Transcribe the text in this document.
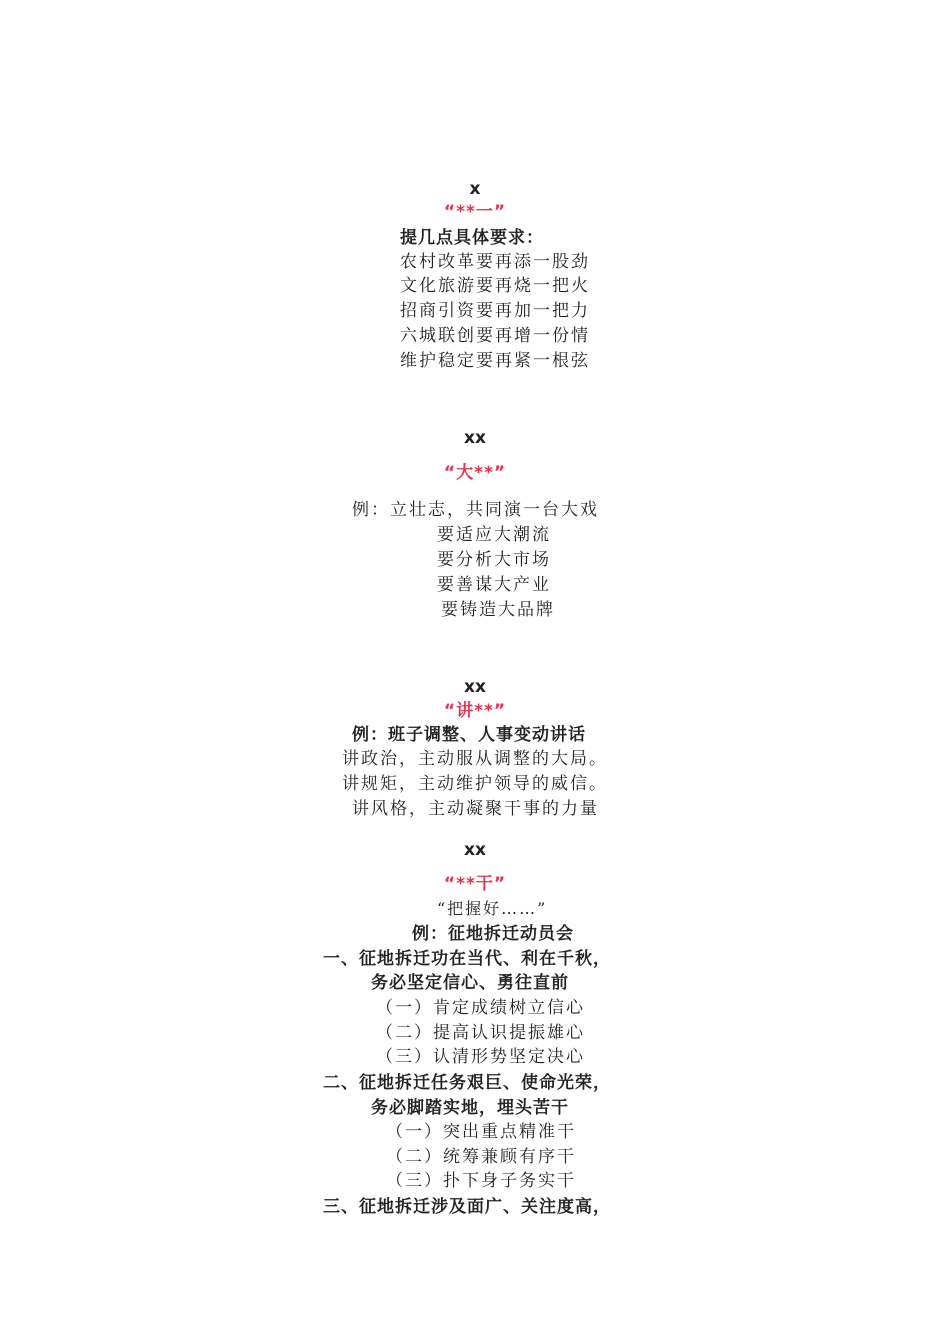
x
“**一”
提几点具体要求：
农村改革要再添一股劲
文化旅游要再烧一把火
招商引资要再加一把力
六城联创要再增一份情
维护稳定要再紧一根弦
xx
“大**”
例：立壮志，共同演一台大戏
要适应大潮流
要分析大市场
要善谋大产业
要铸造大品牌
xx
“讲**”
例：班子调整、人事变动讲话
讲政治，主动服从调整的大局。
讲规矩，主动维护领导的威信。
讲风格，主动凝聚干事的力量
xx
“**干”
“把握好……”
例：征地拆迁动员会
一、征地拆迁功在当代、利在千秋，
务必坚定信心、勇往直前
（一）肯定成绩树立信心
（二）提高认识提振雄心
（三）认清形势坚定决心
二、征地拆迁任务艰巨、使命光荣，
务必脚踏实地，埋头苦干
（一）突出重点精准干
（二）统筹兼顾有序干
（三）扑下身子务实干
三、征地拆迁涉及面广、关注度高，
